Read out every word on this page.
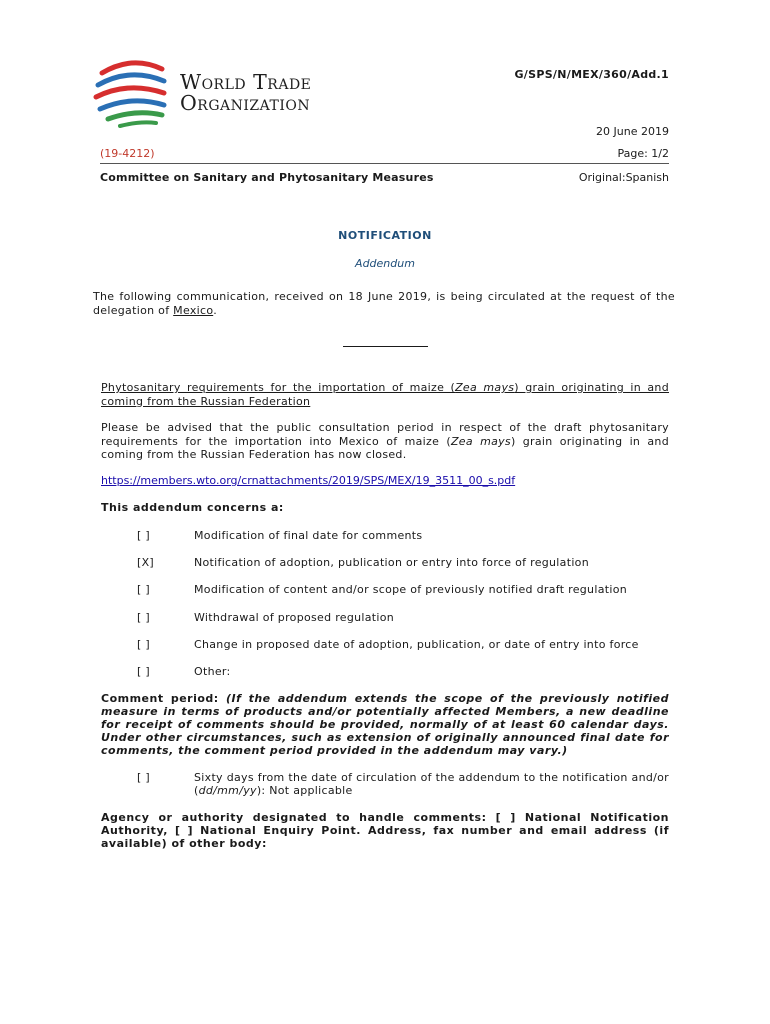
World Trade
Organization
G/SPS/N/MEX/360/Add.1
20 June 2019
(19-4212)	Page: 1/2
Committee on Sanitary and Phytosanitary Measures	Original:Spanish
NOTIFICATION
Addendum
The following communication, received on 18 June 2019, is being circulated at the request of the delegation of Mexico.
Phytosanitary requirements for the importation of maize (Zea mays) grain originating in and coming from the Russian Federation
Please be advised that the public consultation period in respect of the draft phytosanitary requirements for the importation into Mexico of maize (Zea mays) grain originating in and coming from the Russian Federation has now closed.
https://members.wto.org/crnattachments/2019/SPS/MEX/19_3511_00_s.pdf
This addendum concerns a:
[ ]	Modification of final date for comments
[X]	Notification of adoption, publication or entry into force of regulation
[ ]	Modification of content and/or scope of previously notified draft regulation
[ ]	Withdrawal of proposed regulation
[ ]	Change in proposed date of adoption, publication, or date of entry into force
[ ]	Other:
Comment period: (If the addendum extends the scope of the previously notified measure in terms of products and/or potentially affected Members, a new deadline for receipt of comments should be provided, normally of at least 60 calendar days. Under other circumstances, such as extension of originally announced final date for comments, the comment period provided in the addendum may vary.)
[ ]	Sixty days from the date of circulation of the addendum to the notification and/or (dd/mm/yy): Not applicable
Agency or authority designated to handle comments: [ ] National Notification Authority, [ ] National Enquiry Point. Address, fax number and email address (if available) of other body:
